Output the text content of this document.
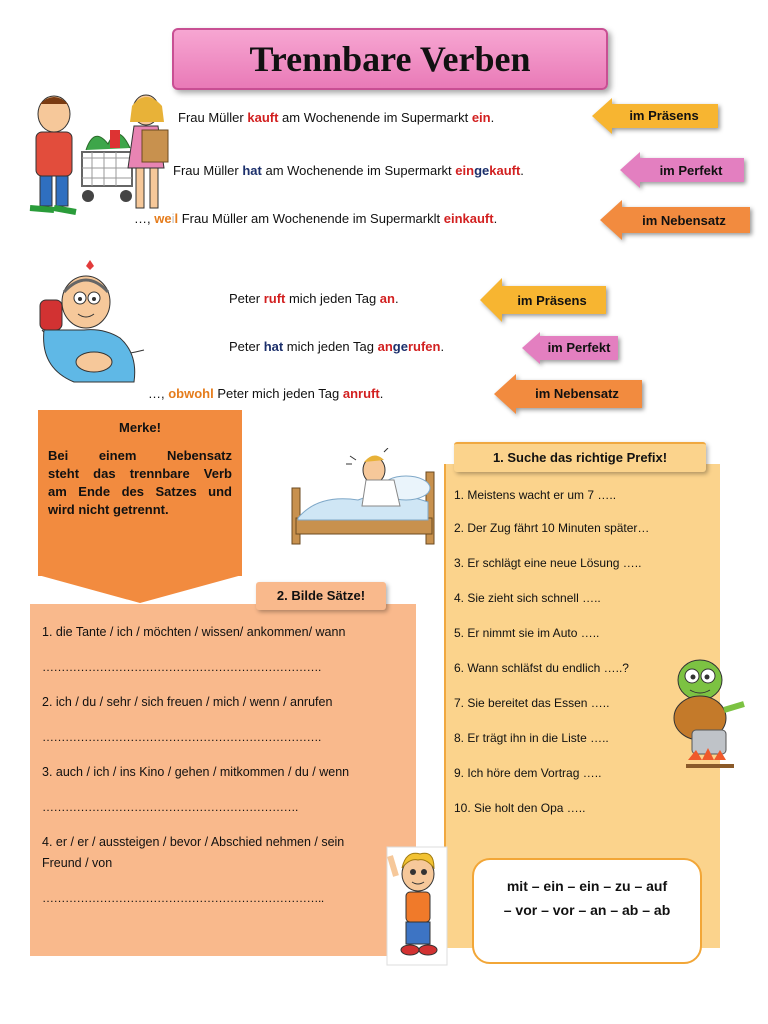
Trennbare Verben
Frau Müller kauft am Wochenende im Supermarkt ein.
Frau Müller hat am Wochenende im Supermarkt eingekauft.
…, weil Frau Müller am Wochenende im Supermarklt einkauft.
im Präsens
im Perfekt
im Nebensatz
Peter ruft mich jeden Tag an.
Peter hat mich jeden Tag angerufen.
…, obwohl Peter mich jeden Tag anruft.
im Präsens
im Perfekt
im Nebensatz
Merke!
Bei einem Nebensatz
steht das trennbare Verb
am Ende des Satzes und
wird nicht getrennt.
1. Suche das richtige Prefix!
1. Meistens wacht er um 7 …..
2. Der Zug fährt 10 Minuten später…
3. Er schlägt eine neue Lösung …..
4. Sie zieht sich schnell …..
5. Er nimmt sie im Auto …..
6. Wann schläfst du endlich …..?
7. Sie bereitet das Essen …..
8. Er trägt ihn in die Liste …..
9. Ich höre dem Vortrag …..
10. Sie holt den Opa …..
mit – ein – ein – zu – auf
– vor – vor – an – ab – ab
2. Bilde Sätze!
1. die Tante / ich / möchten / wissen/ ankommen/ wann
……………………………………………………………….
2. ich / du / sehr / sich freuen / mich / wenn / anrufen
……………………………………………………………….
3. auch / ich / ins Kino / gehen / mitkommen / du / wenn
………………………………………………………….
4. er / er / aussteigen / bevor / Abschied nehmen / sein
Freund / von
………………………………………………………………..
